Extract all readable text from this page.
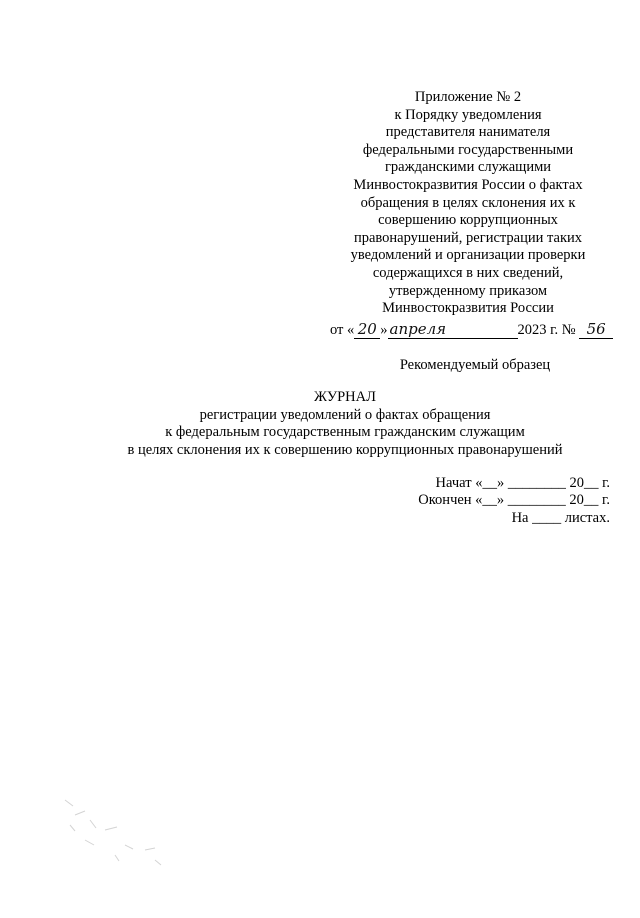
Приложение № 2
к Порядку уведомления
представителя нанимателя
федеральными государственными
гражданскими служащими
Минвостокразвития России о фактах
обращения в целях склонения их к
совершению коррупционных
правонарушений, регистрации таких
уведомлений и организации проверки
содержащихся в них сведений,
утвержденному приказом
Минвостокразвития России
от « 20 » апреля	2023 г. № 56
Рекомендуемый образец
ЖУРНАЛ
регистрации уведомлений о фактах обращения
к федеральным государственным гражданским служащим
в целях склонения их к совершению коррупционных правонарушений
Начат «__» ________ 20__ г.
Окончен «__» ________ 20__ г.
На ____ листах.
